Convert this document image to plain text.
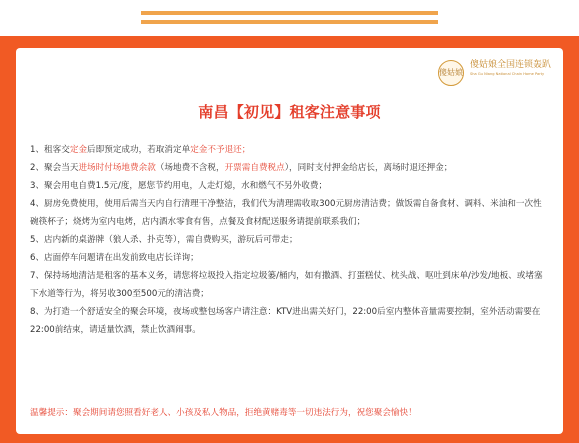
傻姑娘
傻姑娘全国连锁轰趴
Sha Gu Niang National Chain Home Party
南昌【初见】租客注意事项

1、租客交定金后即预定成功，若取消定单定金不予退还；

2、聚会当天进场时付场地费余款（场地费不含税，开票需自费税点），同时支付押金给店长，离场时退还押金；

3、聚会用电自费1.5元/度，愿您节约用电，人走灯熄，水和燃气不另外收费；

4、厨房免费使用，使用后需当天内自行清理干净整洁，我们代为清理需收取300元厨房清洁费；做饭需自备食材、调料、米油和一次性碗筷杯子；烧烤为室内电烤，店内酒水零食有售，点餐及食材配送服务请提前联系我们；

5、店内新的桌游牌（狼人杀、扑克等），需自费购买，游玩后可带走；

6、店面停车问题请在出发前致电店长详询；

7、保持场地清洁是租客的基本义务，请您将垃圾投入指定垃圾篓/桶内，如有撒酒、打蛋糕仗、枕头战、呕吐到床单/沙发/地板、或堵塞下水道等行为，将另收300至500元的清洁费；

8、为打造一个舒适安全的聚会环境，夜场或整包场客户请注意：KTV进出需关好门，22:00后室内整体音量需要控制，室外活动需要在22:00前结束，请适量饮酒，禁止饮酒闹事。

温馨提示：聚会期间请您照看好老人、小孩及私人物品，拒绝黄赌毒等一切违法行为，祝您聚会愉快！
